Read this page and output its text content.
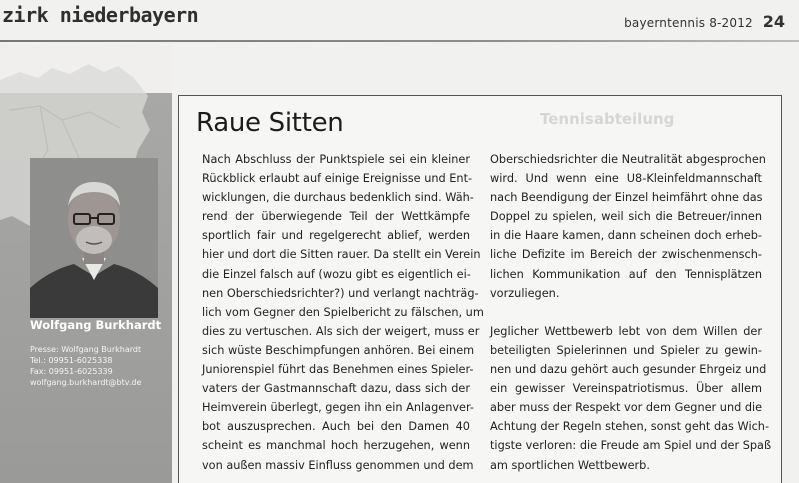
zirk niederbayern	bayerntennis 8-2012 24
Wolfgang Burkhardt
Presse: Wolfgang Burkhardt
Tel.: 09951-6025338
Fax: 09951-6025339
wolfgang.burkhardt@btv.de
Tennisabteilung
Raue Sitten
Nach Abschluss der Punktspiele sei ein kleiner
Rückblick erlaubt auf einige Ereignisse und Ent-
wicklungen, die durchaus bedenklich sind. Wäh-
rend der überwiegende Teil der Wettkämpfe
sportlich fair und regelgerecht ablief, werden
hier und dort die Sitten rauer. Da stellt ein Verein
die Einzel falsch auf (wozu gibt es eigentlich ei-
nen Oberschiedsrichter?) und verlangt nachträg-
lich vom Gegner den Spielbericht zu fälschen, um
dies zu vertuschen. Als sich der weigert, muss er
sich wüste Beschimpfungen anhören. Bei einem
Juniorenspiel führt das Benehmen eines Spieler-
vaters der Gastmannschaft dazu, dass sich der
Heimverein überlegt, gegen ihn ein Anlagenver-
bot auszusprechen. Auch bei den Damen 40
scheint es manchmal hoch herzugehen, wenn
von außen massiv Einfluss genommen und dem
Oberschiedsrichter die Neutralität abgesprochen
wird. Und wenn eine U8-Kleinfeldmannschaft
nach Beendigung der Einzel heimfährt ohne das
Doppel zu spielen, weil sich die Betreuer/innen
in die Haare kamen, dann scheinen doch erheb-
liche Defizite im Bereich der zwischenmensch-
lichen Kommunikation auf den Tennisplätzen
vorzuliegen.
Jeglicher Wettbewerb lebt von dem Willen der
beteiligten Spielerinnen und Spieler zu gewin-
nen und dazu gehört auch gesunder Ehrgeiz und
ein gewisser Vereinspatriotismus. Über allem
aber muss der Respekt vor dem Gegner und die
Achtung der Regeln stehen, sonst geht das Wich-
tigste verloren: die Freude am Spiel und der Spaß
am sportlichen Wettbewerb.
